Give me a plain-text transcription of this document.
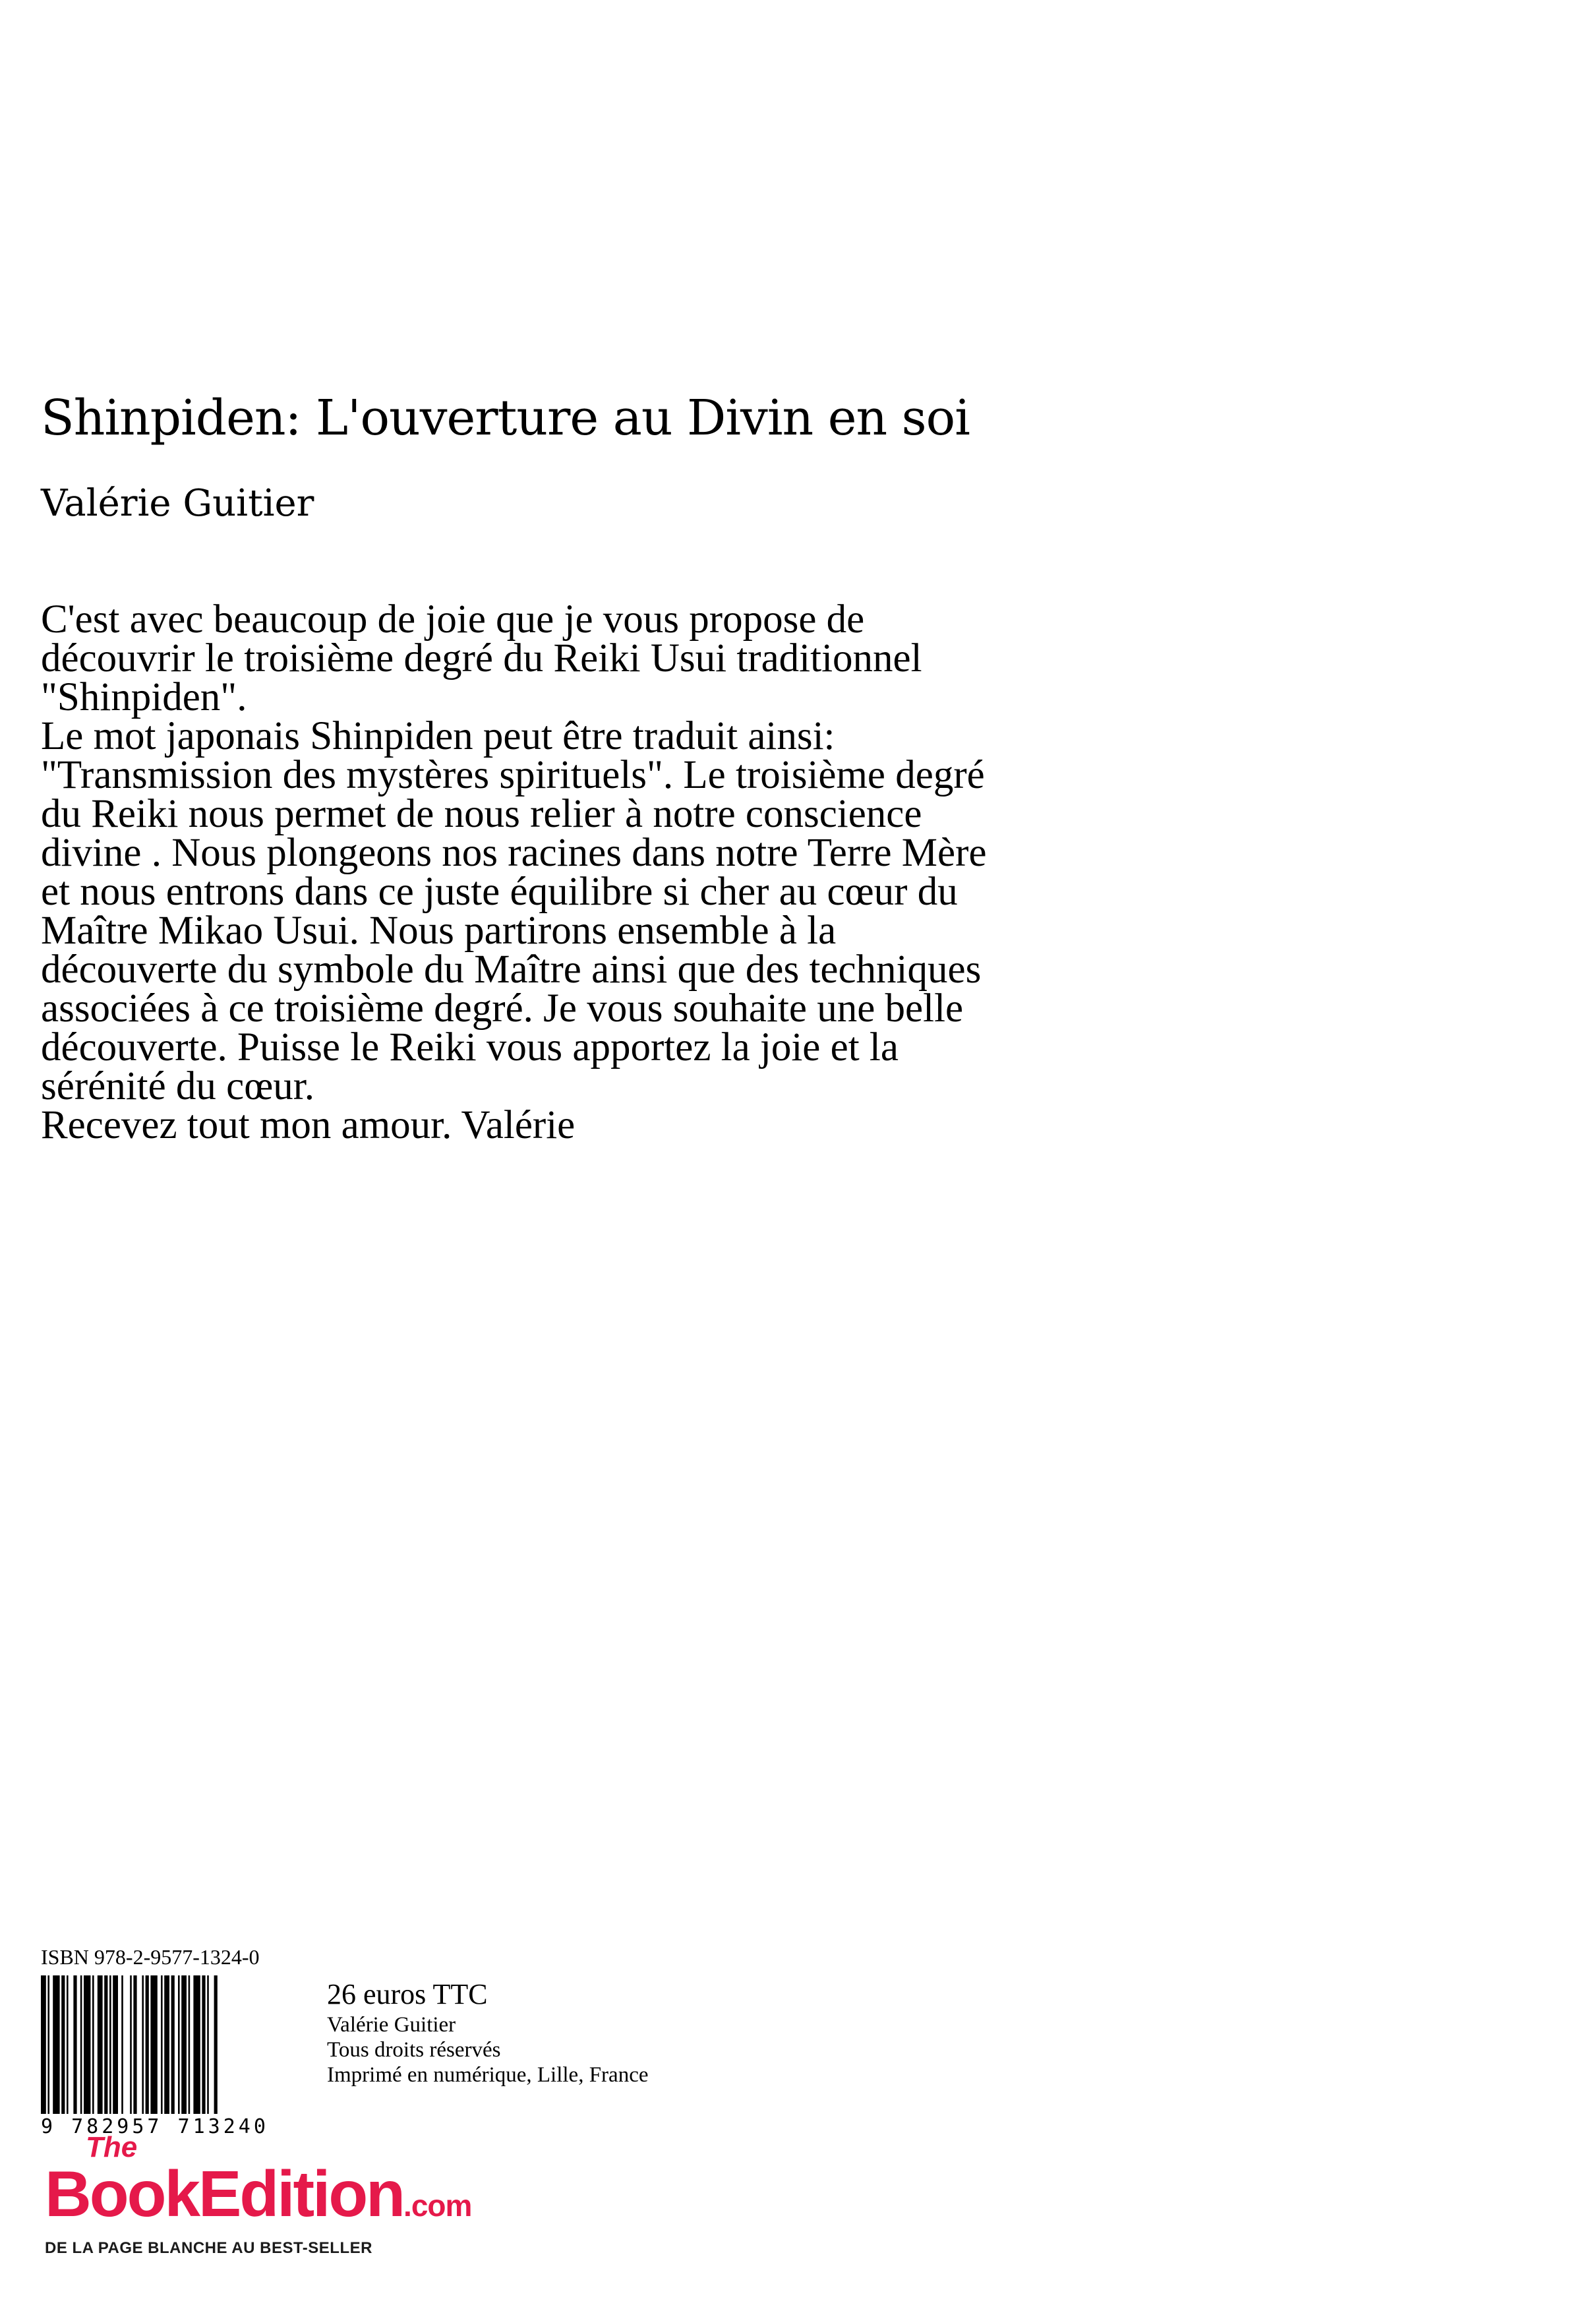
Shinpiden: L'ouverture au Divin en soi

Valérie Guitier

C'est avec beaucoup de joie que je vous propose de
découvrir le troisième degré du Reiki Usui traditionnel
"Shinpiden".
Le mot japonais Shinpiden peut être traduit ainsi:
"Transmission des mystères spirituels". Le troisième degré
du Reiki nous permet de nous relier à notre conscience
divine . Nous plongeons nos racines dans notre Terre Mère
et nous entrons dans ce juste équilibre si cher au cœur du
Maître Mikao Usui. Nous partirons ensemble à la
découverte du symbole du Maître ainsi que des techniques
associées à ce troisième degré. Je vous souhaite une belle
découverte. Puisse le Reiki vous apportez la joie et la
sérénité du cœur.
Recevez tout mon amour. Valérie

ISBN 978-2-9577-1324-0

9 782957 713240

26 euros TTC

Valérie Guitier

Tous droits réservés

Imprimé en numérique, Lille, France

The
BookEdition.com
DE LA PAGE BLANCHE AU BEST-SELLER
